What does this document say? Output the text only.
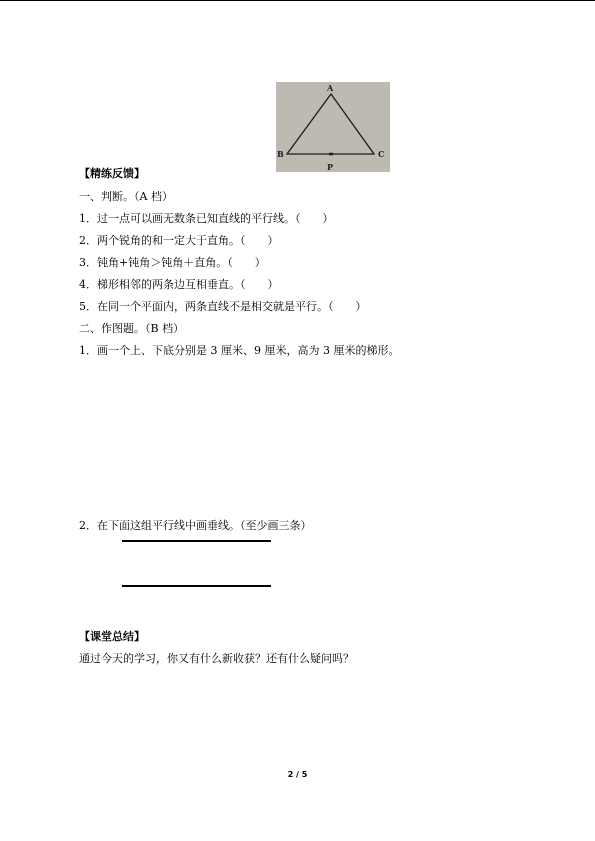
A
B	C
P
【精练反馈】
一、判断。（A 档）
1．过一点可以画无数条已知直线的平行线。（　　）
2．两个锐角的和一定大于直角。（　　）
3．钝角+钝角＞钝角＋直角。（　　）
4．梯形相邻的两条边互相垂直。（　　）
5．在同一个平面内，两条直线不是相交就是平行。（　　）
二、作图题。（B 档）
1．画一个上、下底分别是 3 厘米、9 厘米，高为 3 厘米的梯形。
2．在下面这组平行线中画垂线。（至少画三条）
【课堂总结】
通过今天的学习，你又有什么新收获？还有什么疑问吗？
2 / 5
